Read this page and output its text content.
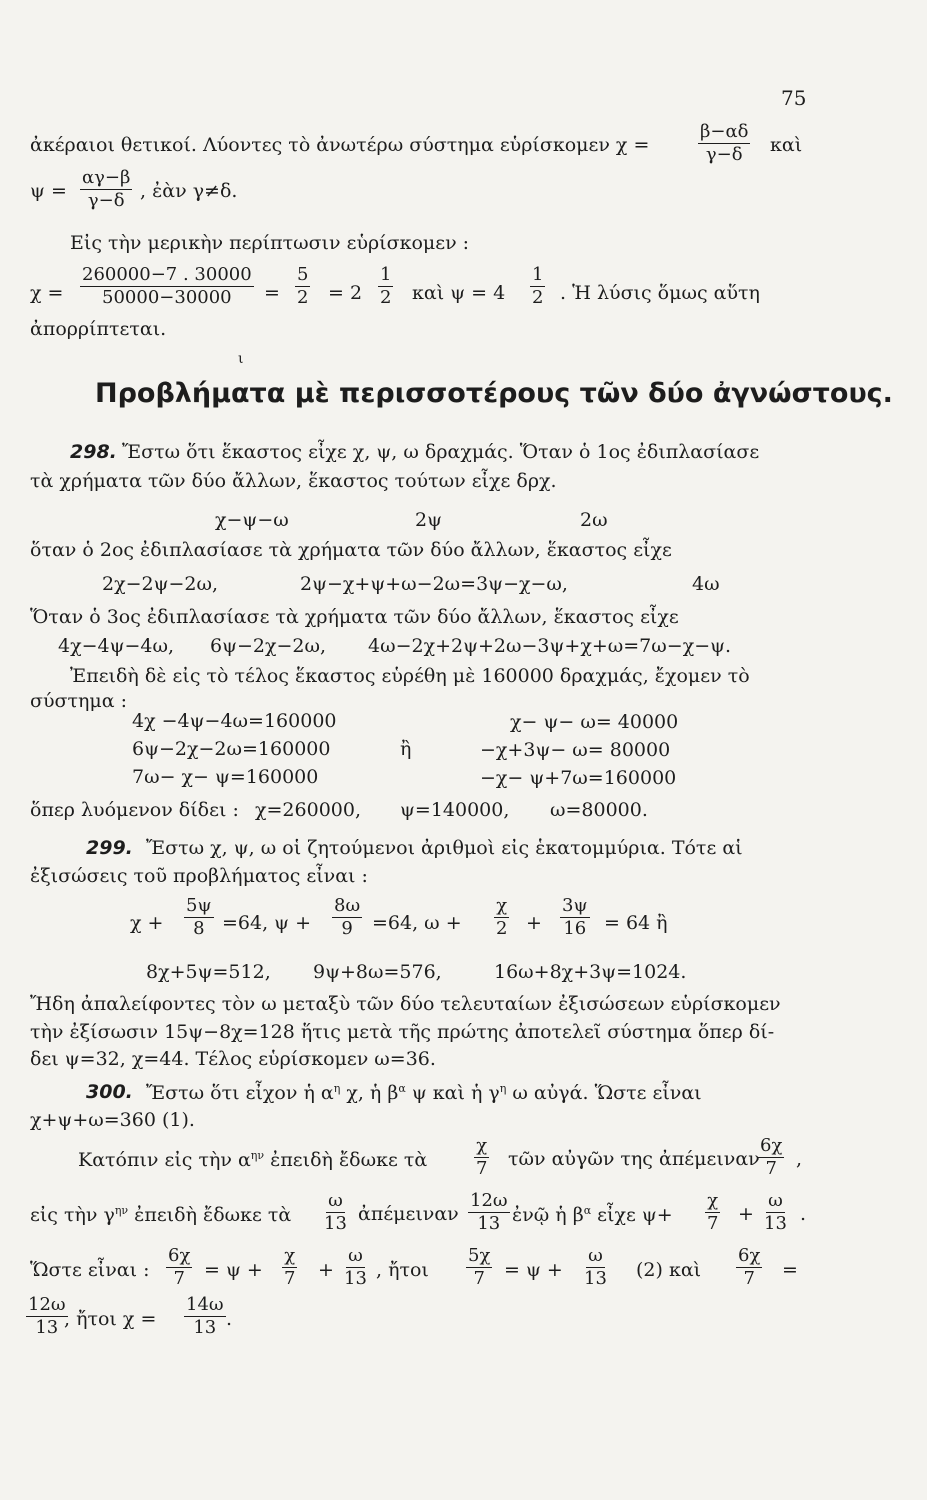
75
ἀκέραιοι θετικοί. Λύοντες τὸ ἀνωτέρω σύστημα εὑρίσκομεν χ =	$\frac{\beta-\alpha\delta}{\gamma-\delta}$ καὶ
$\psi = \frac{\alpha\gamma-\beta}{\gamma-\delta}$ , ἐὰν γ≠δ.
Εἰς τὴν μερικὴν περίπτωσιν εὑρίσκομεν :
$\chi = \frac{260000-7 . 30000}{50000-30000} = \frac{5}{2} = 2 \frac{1}{2}$ καὶ $\psi = 4 \frac{1}{2}$ . Ἡ λύσις ὅμως αὕτη
ἀπορρίπτεται.
ι
Προβλήματα μὲ περισσοτέρους τῶν δύο ἀγνώστους.
298. Ἔστω ὅτι ἕκαστος εἶχε χ, ψ, ω δραχμάς. Ὅταν ὁ 1ος ἐδιπλασίασε
τὰ χρήματα τῶν δύο ἄλλων, ἕκαστος τούτων εἶχε δρχ.
χ−ψ−ω	2ψ	2ω
ὅταν ὁ 2ος ἐδιπλασίασε τὰ χρήματα τῶν δύο ἄλλων, ἕκαστος εἶχε
2χ−2ψ−2ω,	2ψ−χ+ψ+ω−2ω=3ψ−χ−ω,	4ω
Ὅταν ὁ 3ος ἐδιπλασίασε τὰ χρήματα τῶν δύο ἄλλων, ἕκαστος εἶχε
4χ−4ψ−4ω, 6ψ−2χ−2ω, 4ω−2χ+2ψ+2ω−3ψ+χ+ω=7ω−χ−ψ.
Ἐπειδὴ δὲ εἰς τὸ τέλος ἕκαστος εὑρέθη μὲ 160000 δραχμάς, ἔχομεν τὸ
σύστημα :
4χ −4ψ−4ω=160000
6ψ−2χ−2ω=160000
7ω− χ− ψ=160000
ἢ
χ− ψ− ω= 40000
−χ+3ψ− ω= 80000
−χ− ψ+7ω=160000
ὅπερ λυόμενον δίδει : χ=260000, ψ=140000, ω=80000.
299. Ἔστω χ, ψ, ω οἱ ζητούμενοι ἀριθμοὶ εἰς ἑκατομμύρια. Τότε αἱ
ἐξισώσεις τοῦ προβλήματος εἶναι :
$\chi + \frac{5\psi}{8} =64$, $\psi + \frac{8\omega}{9} =64$, $\omega + \frac{\chi}{2} + \frac{3\psi}{16} = 64$ ἢ
8χ+5ψ=512, 9ψ+8ω=576,	16ω+8χ+3ψ=1024.
Ἤδη ἀπαλείφοντες τὸν ω μεταξὺ τῶν δύο τελευταίων ἐξισώσεων εὑρίσκομεν
τὴν ἐξίσωσιν 15ψ−8χ=128 ἥτις μετὰ τῆς πρώτης ἀποτελεῖ σύστημα ὅπερ δί-
δει ψ=32, χ=44. Τέλος εὑρίσκομεν ω=36.
300. Ἔστω ὅτι εἶχον ἡ $\alpha^\eta$ χ, ἡ $\beta^\alpha$ ψ καὶ ἡ $\gamma^\eta$ ω αὐγά. Ὥστε εἶναι
χ+ψ+ω=360 (1).
Κατόπιν εἰς τὴν $\alpha^{\eta\nu}$ ἐπειδὴ ἔδωκε τὰ	$\frac{\chi}{7}$ τῶν αὐγῶν της ἀπέμειναν
$\frac{6\chi}{7}$ ,
εἰς τὴν $\gamma^{\eta\nu}$ ἐπειδὴ ἔδωκε τὰ $\frac{\omega}{13}$ ἀπέμειναν $\frac{12\omega}{13}$ ἐνῷ ἡ $\beta^\alpha$ εἶχε $\psi+ \frac{\chi}{7} + \frac{\omega}{13}$ .
Ὥστε εἶναι : $\frac{6\chi}{7} = \psi + \frac{\chi}{7} + \frac{\omega}{13}$ , ἤτοι $\frac{5\chi}{7} = \psi + \frac{\omega}{13} (2)$ καὶ $\frac{6\chi}{7}$ =
$\frac{12\omega}{13}$
, ἤτοι $\chi = \frac{14\omega}{13}$ .
